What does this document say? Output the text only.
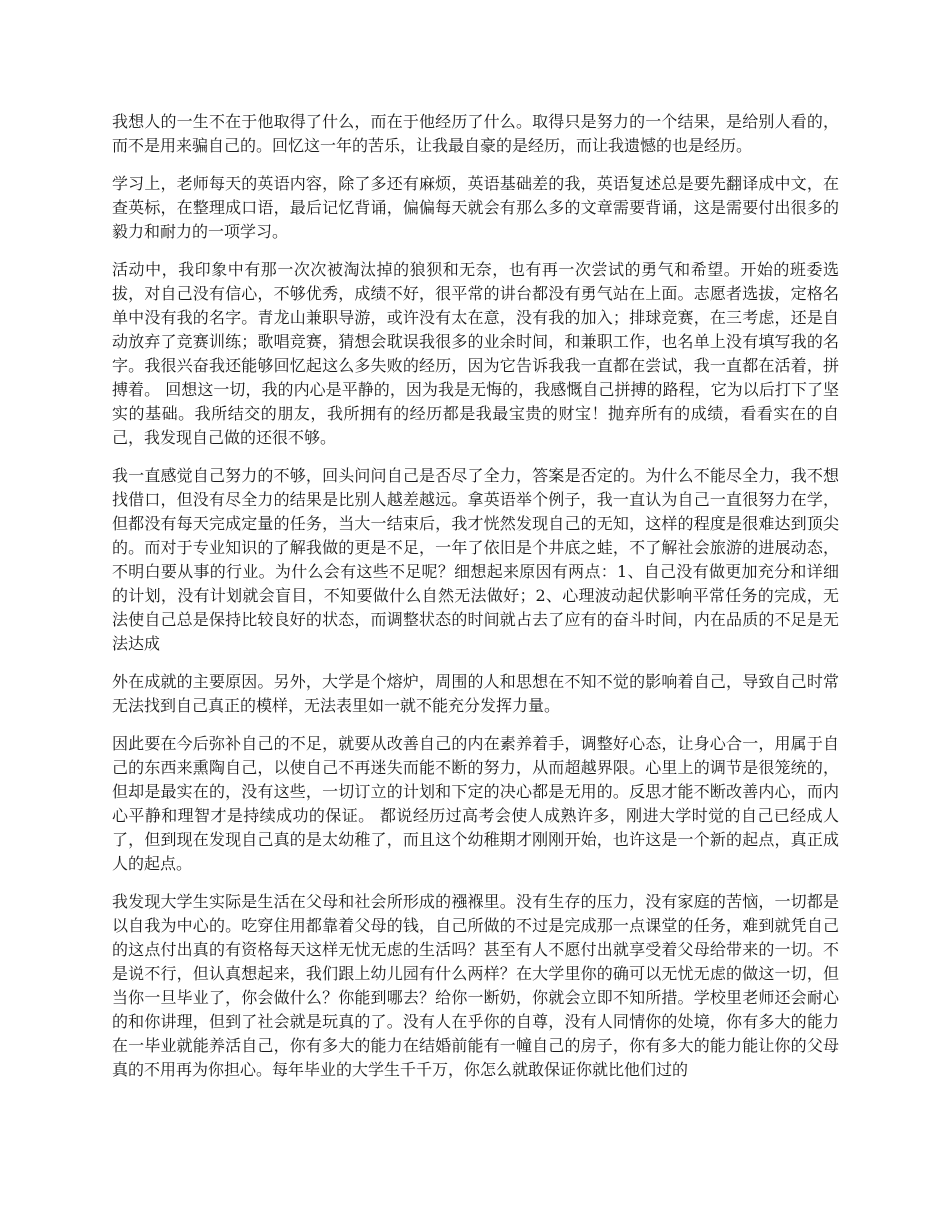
我想人的一生不在于他取得了什么，而在于他经历了什么。取得只是努力的一个结果，是给别人看的，而不是用来骗自己的。回忆这一年的苦乐，让我最自豪的是经历，而让我遗憾的也是经历。

学习上，老师每天的英语内容，除了多还有麻烦，英语基础差的我，英语复述总是要先翻译成中文，在查英标，在整理成口语，最后记忆背诵，偏偏每天就会有那么多的文章需要背诵，这是需要付出很多的毅力和耐力的一项学习。

活动中，我印象中有那一次次被淘汰掉的狼狈和无奈，也有再一次尝试的勇气和希望。开始的班委选拔，对自己没有信心，不够优秀，成绩不好，很平常的讲台都没有勇气站在上面。志愿者选拔，定格名单中没有我的名字。青龙山兼职导游，或许没有太在意，没有我的加入；排球竞赛，在三考虑，还是自动放弃了竞赛训练；歌唱竞赛，猜想会耽误我很多的业余时间，和兼职工作，也名单上没有填写我的名字。我很兴奋我还能够回忆起这么多失败的经历，因为它告诉我我一直都在尝试，我一直都在活着，拼搏着。 回想这一切，我的内心是平静的，因为我是无悔的，我感慨自己拼搏的路程，它为以后打下了坚实的基础。我所结交的朋友，我所拥有的经历都是我最宝贵的财宝！抛弃所有的成绩，看看实在的自己，我发现自己做的还很不够。

我一直感觉自己努力的不够，回头问问自己是否尽了全力，答案是否定的。为什么不能尽全力，我不想找借口，但没有尽全力的结果是比别人越差越远。拿英语举个例子，我一直认为自己一直很努力在学，但都没有每天完成定量的任务，当大一结束后，我才恍然发现自己的无知，这样的程度是很难达到顶尖的。而对于专业知识的了解我做的更是不足，一年了依旧是个井底之蛙，不了解社会旅游的进展动态，不明白要从事的行业。为什么会有这些不足呢？细想起来原因有两点：1、自己没有做更加充分和详细的计划，没有计划就会盲目，不知要做什么自然无法做好；2、心理波动起伏影响平常任务的完成，无法使自己总是保持比较良好的状态，而调整状态的时间就占去了应有的奋斗时间，内在品质的不足是无法达成

外在成就的主要原因。另外，大学是个熔炉，周围的人和思想在不知不觉的影响着自己，导致自己时常无法找到自己真正的模样，无法表里如一就不能充分发挥力量。

因此要在今后弥补自己的不足，就要从改善自己的内在素养着手，调整好心态，让身心合一，用属于自己的东西来熏陶自己，以使自己不再迷失而能不断的努力，从而超越界限。心里上的调节是很笼统的，但却是最实在的，没有这些，一切订立的计划和下定的决心都是无用的。反思才能不断改善内心，而内心平静和理智才是持续成功的保证。 都说经历过高考会使人成熟许多，刚进大学时觉的自己已经成人了，但到现在发现自己真的是太幼稚了，而且这个幼稚期才刚刚开始，也许这是一个新的起点，真正成人的起点。

我发现大学生实际是生活在父母和社会所形成的襁褓里。没有生存的压力，没有家庭的苦恼，一切都是以自我为中心的。吃穿住用都靠着父母的钱，自己所做的不过是完成那一点课堂的任务，难到就凭自己的这点付出真的有资格每天这样无忧无虑的生活吗？甚至有人不愿付出就享受着父母给带来的一切。不是说不行，但认真想起来，我们跟上幼儿园有什么两样？在大学里你的确可以无忧无虑的做这一切，但当你一旦毕业了，你会做什么？你能到哪去？给你一断奶，你就会立即不知所措。学校里老师还会耐心的和你讲理，但到了社会就是玩真的了。没有人在乎你的自尊，没有人同情你的处境，你有多大的能力在一毕业就能养活自己，你有多大的能力在结婚前能有一幢自己的房子，你有多大的能力能让你的父母真的不用再为你担心。每年毕业的大学生千千万，你怎么就敢保证你就比他们过的
